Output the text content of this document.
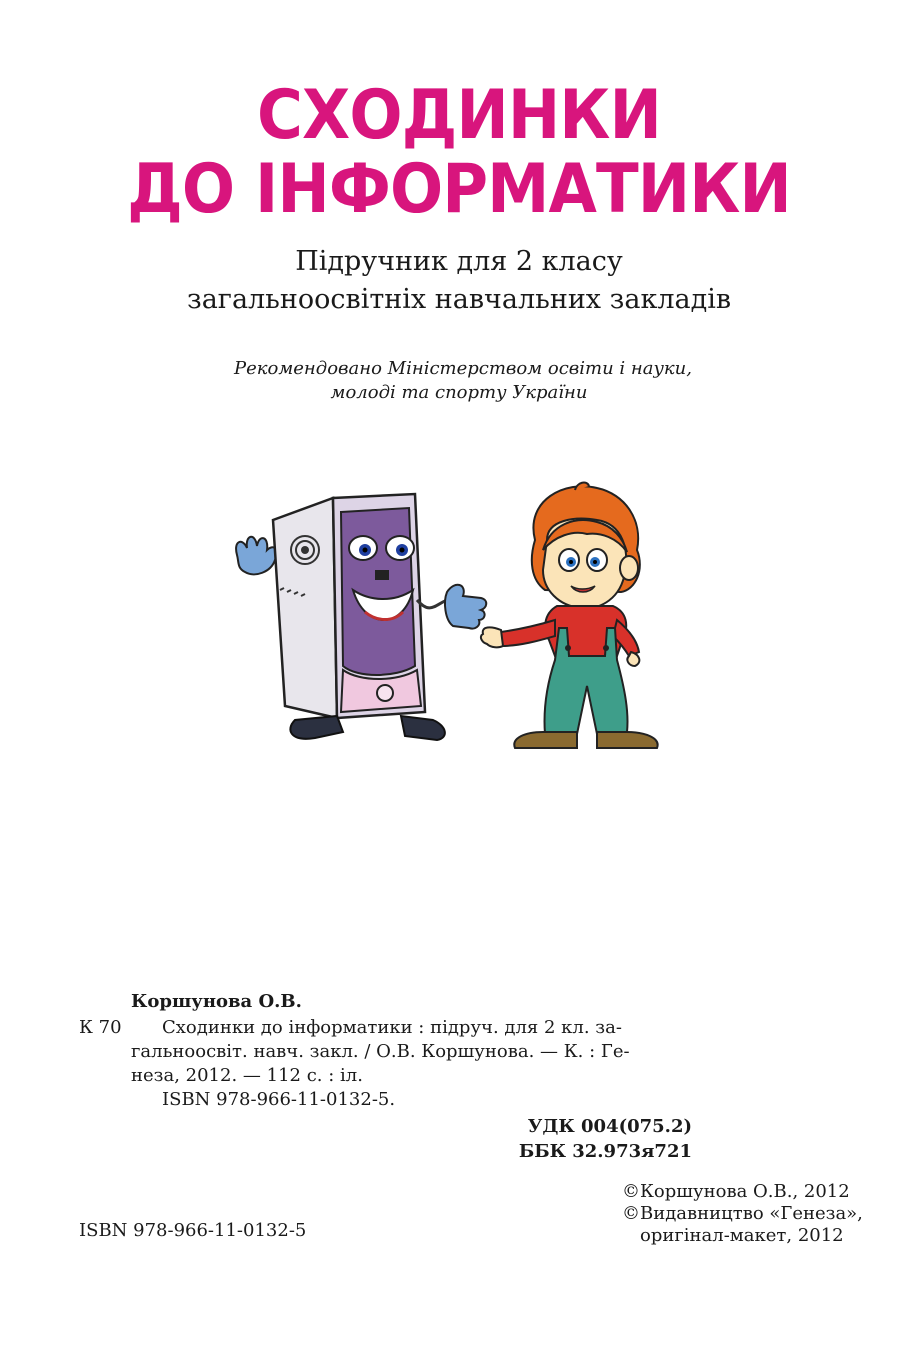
СХОДИНКИ
ДО ІНФОРМАТИКИ
Підручник для 2 класу
загальноосвітніх навчальних закладів
Рекомендовано Міністерством освіти і науки,
молоді та спорту України
Коршунова О.В.
К 70 Сходинки до інформатики : підруч. для 2 кл. за-
гальноосвіт. навч. закл. / О.В. Коршунова. — К. : Ге-
неза, 2012. — 112 с. : іл.
ISBN 978-966-11-0132-5.
УДК 004(075.2)
ББК 32.973я721
ISBN 978-966-11-0132-5
©Коршунова О.В., 2012
©Видавництво «Генеза»,
оригінал-макет, 2012
